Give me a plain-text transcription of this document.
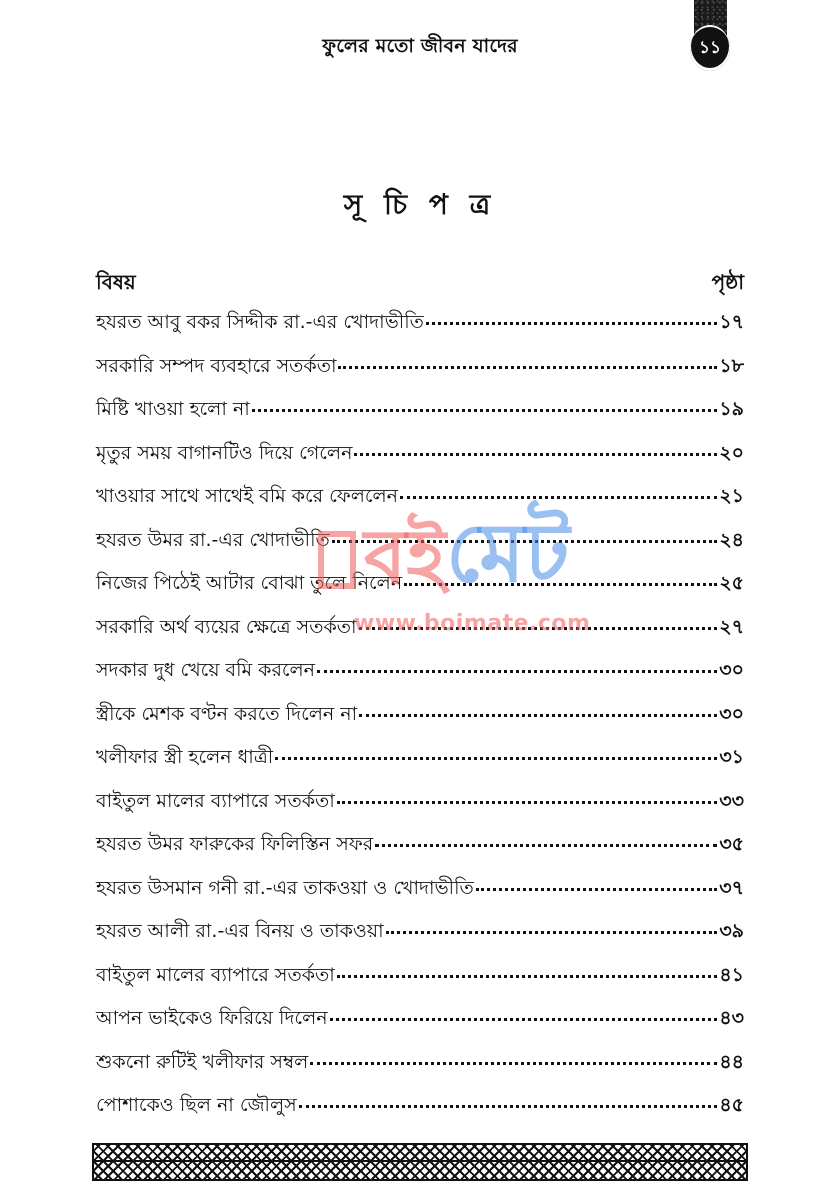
ফুলের মতো জীবন যাদের	১১
সূ চি প ত্র
বিষয়	পৃষ্ঠা
হযরত আবু বকর সিদ্দীক রা.-এর খোদাভীতি	১৭
সরকারি সম্পদ ব্যবহারে সতর্কতা	১৮
মিষ্টি খাওয়া হলো না	১৯
মৃতুর সময় বাগানটিও দিয়ে গেলেন	২০
খাওয়ার সাথে সাথেই বমি করে ফেললেন	২১
হযরত উমর রা.-এর খোদাভীতি	২৪
নিজের পিঠেই আটার বোঝা তুলে নিলেন	২৫
সরকারি অর্থ ব্যয়ের ক্ষেত্রে সতর্কতা	২৭
সদকার দুধ খেয়ে বমি করলেন	৩০
স্ত্রীকে মেশক বণ্টন করতে দিলেন না	৩০
খলীফার স্ত্রী হলেন ধাত্রী	৩১
বাইতুল মালের ব্যাপারে সতর্কতা	৩৩
হযরত উমর ফারুকের ফিলিস্তিন সফর	৩৫
হযরত উসমান গনী রা.-এর তাকওয়া ও খোদাভীতি	৩৭
হযরত আলী রা.-এর বিনয় ও তাকওয়া	৩৯
বাইতুল মালের ব্যাপারে সতর্কতা	৪১
আপন ভাইকেও ফিরিয়ে দিলেন	৪৩
শুকনো রুটিই খলীফার সম্বল	৪৪
পোশাকেও ছিল না জৌলুস	৪৫
বই মেট
www.boimate.com
